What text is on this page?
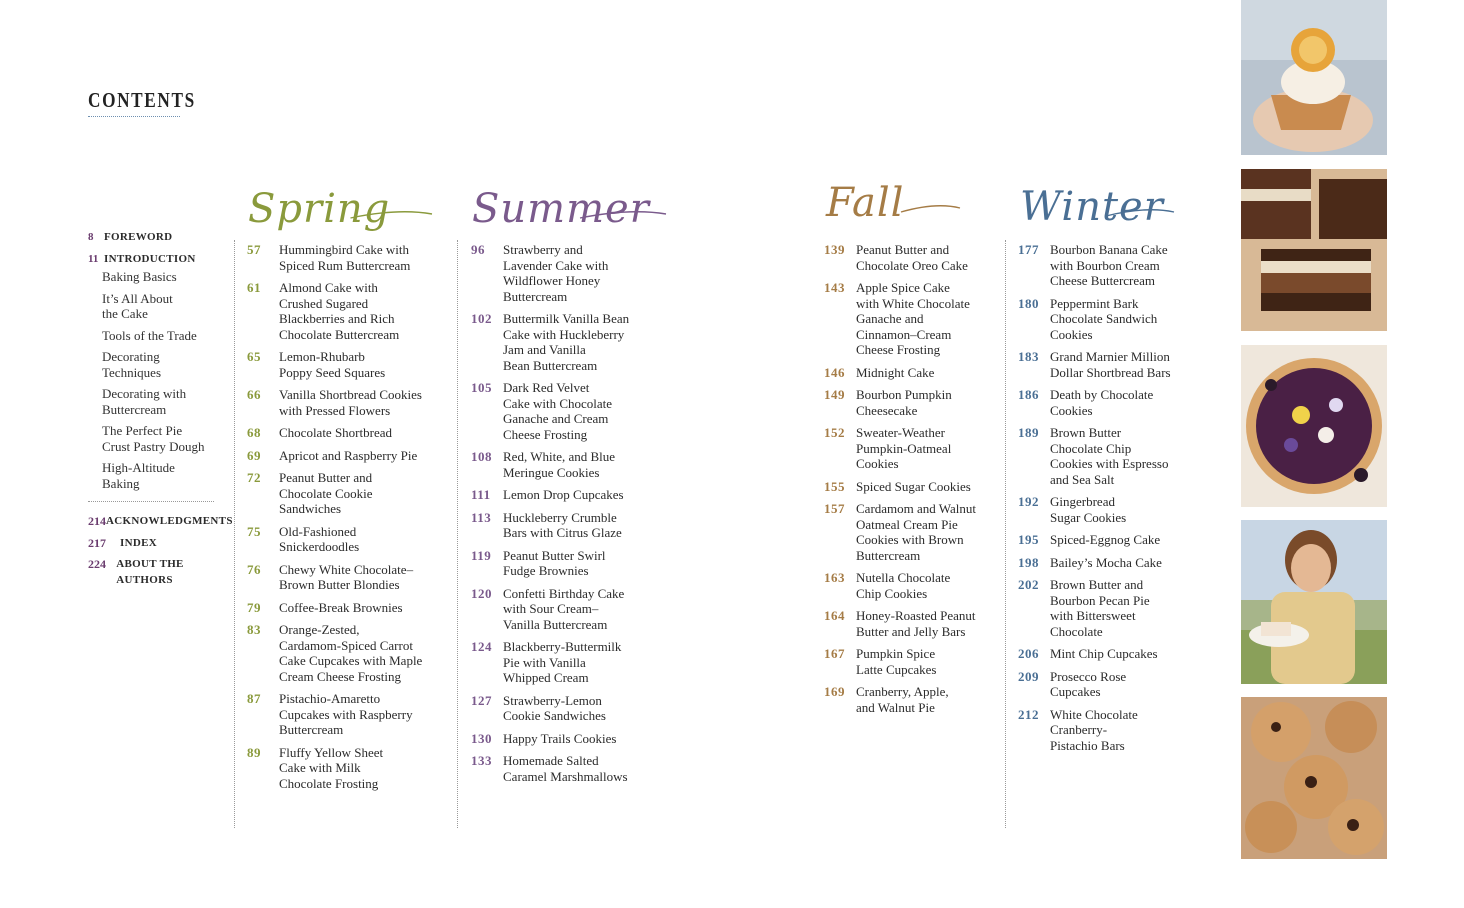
CONTENTS
8 FOREWORD
11 INTRODUCTION
Baking Basics
It’s All About
the Cake
Tools of the Trade
Decorating
Techniques
Decorating with
Buttercream
The Perfect Pie
Crust Pastry Dough
High-Altitude
Baking
214 ACKNOWLEDGMENTS
217	INDEX
224 ABOUT THE AUTHORS
Spring
57	Hummingbird Cake with
Spiced Rum Buttercream
61	Almond Cake with
Crushed Sugared
Blackberries and Rich
Chocolate Buttercream
65	Lemon-Rhubarb
Poppy Seed Squares
66	Vanilla Shortbread Cookies
with Pressed Flowers
68	Chocolate Shortbread
69	Apricot and Raspberry Pie
72	Peanut Butter and
Chocolate Cookie
Sandwiches
75	Old-Fashioned
Snickerdoodles
76	Chewy White Chocolate–
Brown Butter Blondies
79	Coffee-Break Brownies
83	Orange-Zested,
Cardamom-Spiced Carrot
Cake Cupcakes with Maple
Cream Cheese Frosting
87	Pistachio-Amaretto
Cupcakes with Raspberry
Buttercream
89	Fluffy Yellow Sheet
Cake with Milk
Chocolate Frosting
Summer
96	Strawberry and
Lavender Cake with
Wildflower Honey
Buttercream
102 Buttermilk Vanilla Bean
Cake with Huckleberry
Jam and Vanilla
Bean Buttercream
105 Dark Red Velvet
Cake with Chocolate
Ganache and Cream
Cheese Frosting
108 Red, White, and Blue
Meringue Cookies
111 Lemon Drop Cupcakes
113 Huckleberry Crumble
Bars with Citrus Glaze
119 Peanut Butter Swirl
Fudge Brownies
120 Confetti Birthday Cake
with Sour Cream–
Vanilla Buttercream
124 Blackberry-Buttermilk
Pie with Vanilla
Whipped Cream
127 Strawberry-Lemon
Cookie Sandwiches
130 Happy Trails Cookies
133 Homemade Salted
Caramel Marshmallows
Fall
139 Peanut Butter and
Chocolate Oreo Cake
143 Apple Spice Cake
with White Chocolate
Ganache and
Cinnamon–Cream
Cheese Frosting
146 Midnight Cake
149 Bourbon Pumpkin
Cheesecake
152 Sweater-Weather
Pumpkin-Oatmeal
Cookies
155 Spiced Sugar Cookies
157 Cardamom and Walnut
Oatmeal Cream Pie
Cookies with Brown
Buttercream
163 Nutella Chocolate
Chip Cookies
164 Honey-Roasted Peanut
Butter and Jelly Bars
167 Pumpkin Spice
Latte Cupcakes
169 Cranberry, Apple,
and Walnut Pie
Winter
177 Bourbon Banana Cake
with Bourbon Cream
Cheese Buttercream
180 Peppermint Bark
Chocolate Sandwich
Cookies
183 Grand Marnier Million
Dollar Shortbread Bars
186 Death by Chocolate
Cookies
189 Brown Butter
Chocolate Chip
Cookies with Espresso
and Sea Salt
192 Gingerbread
Sugar Cookies
195 Spiced-Eggnog Cake
198 Bailey’s Mocha Cake
202 Brown Butter and
Bourbon Pecan Pie
with Bittersweet
Chocolate
206 Mint Chip Cupcakes
209 Prosecco Rose
Cupcakes
212 White Chocolate
Cranberry-
Pistachio Bars
